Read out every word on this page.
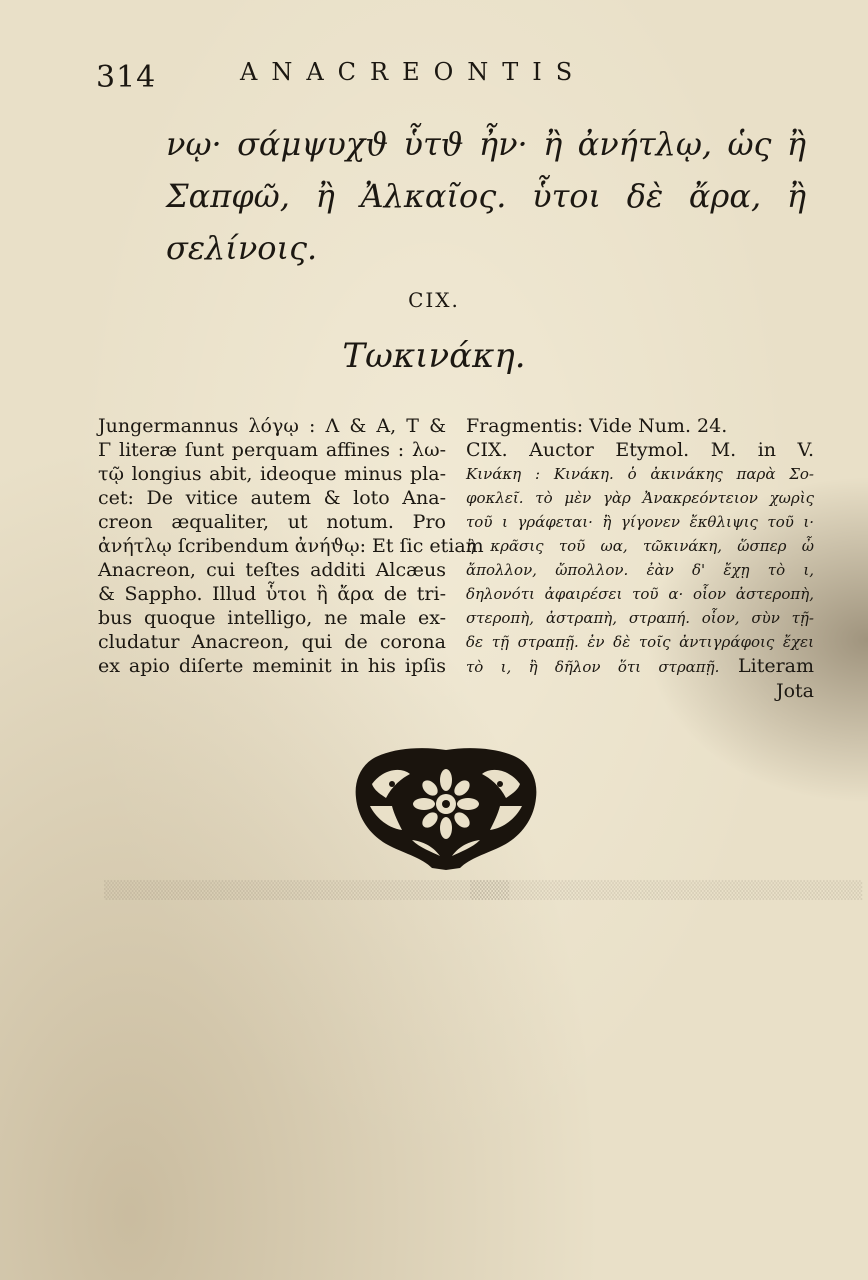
▒▒▒▒▒▒▒▒▒▒▒▒▒▒▒▒▒▒▒▒▒▒▒▒▒▒▒▒▒▒▒
▒▒▒▒▒▒▒▒▒▒▒▒▒▒▒▒▒▒▒▒▒▒▒▒▒▒▒▒▒▒
314	ANACREONTIS
νῳ· σάμψυχϑ ὗτϑ ἦν· ἢ ἀνήτλῳ, ὡς ἢ
Σαπφῶ, ἢ Ἀλκαῖος. ὗτοι δὲ ἄρα, ἢ
σελίνοις.
CIX.
Τωκινάκη.
Jungermannus λόγῳ : Λ & Α, Τ &
Γ literæ ſunt perquam affines : λω-
τῷ longius abit, ideoque minus pla-
cet: De vitice autem & loto Ana-
creon æqualiter, ut notum. Pro
ἀνήτλῳ ſcribendum ἀνήϑῳ: Et ſic etiam
Anacreon, cui teſtes additi Alcæus
& Sappho. Illud ὗτοι ἢ ἄρα de tri-
bus quoque intelligo, ne male ex-
cludatur Anacreon, qui de corona
ex apio diſerte meminit in his ipſis
Fragmentis: Vide Num. 24.
CIX. Auctor Etymol. M. in V.
Κινάκη : Κινάκη. ὁ ἀκινάκης παρὰ Σο-
φοκλεῖ. τὸ μὲν γὰρ Ἀνακρεόντειον χωρὶς
τοῦ ι γράφεται· ἢ γίγονεν ἔκθλιψις τοῦ ι·
ἢ κρᾶσις τοῦ ωα, τῶκινάκη, ὥσπερ ὦ
ἄπολλον, ὤπολλον. ἐὰν δ' ἔχῃ τὸ ι,
δηλονότι ἀφαιρέσει τοῦ α· οἷον ἀστεροπὴ,
στεροπὴ, ἀστραπὴ, στραπή. οἷον, σὺν τῇ-
δε τῇ στραπῇ. ἐν δὲ τοῖς ἀντιγράφοις ἔχει
τὸ ι, ἢ δῆλον ὅτι στραπῇ. Literam
Jota
